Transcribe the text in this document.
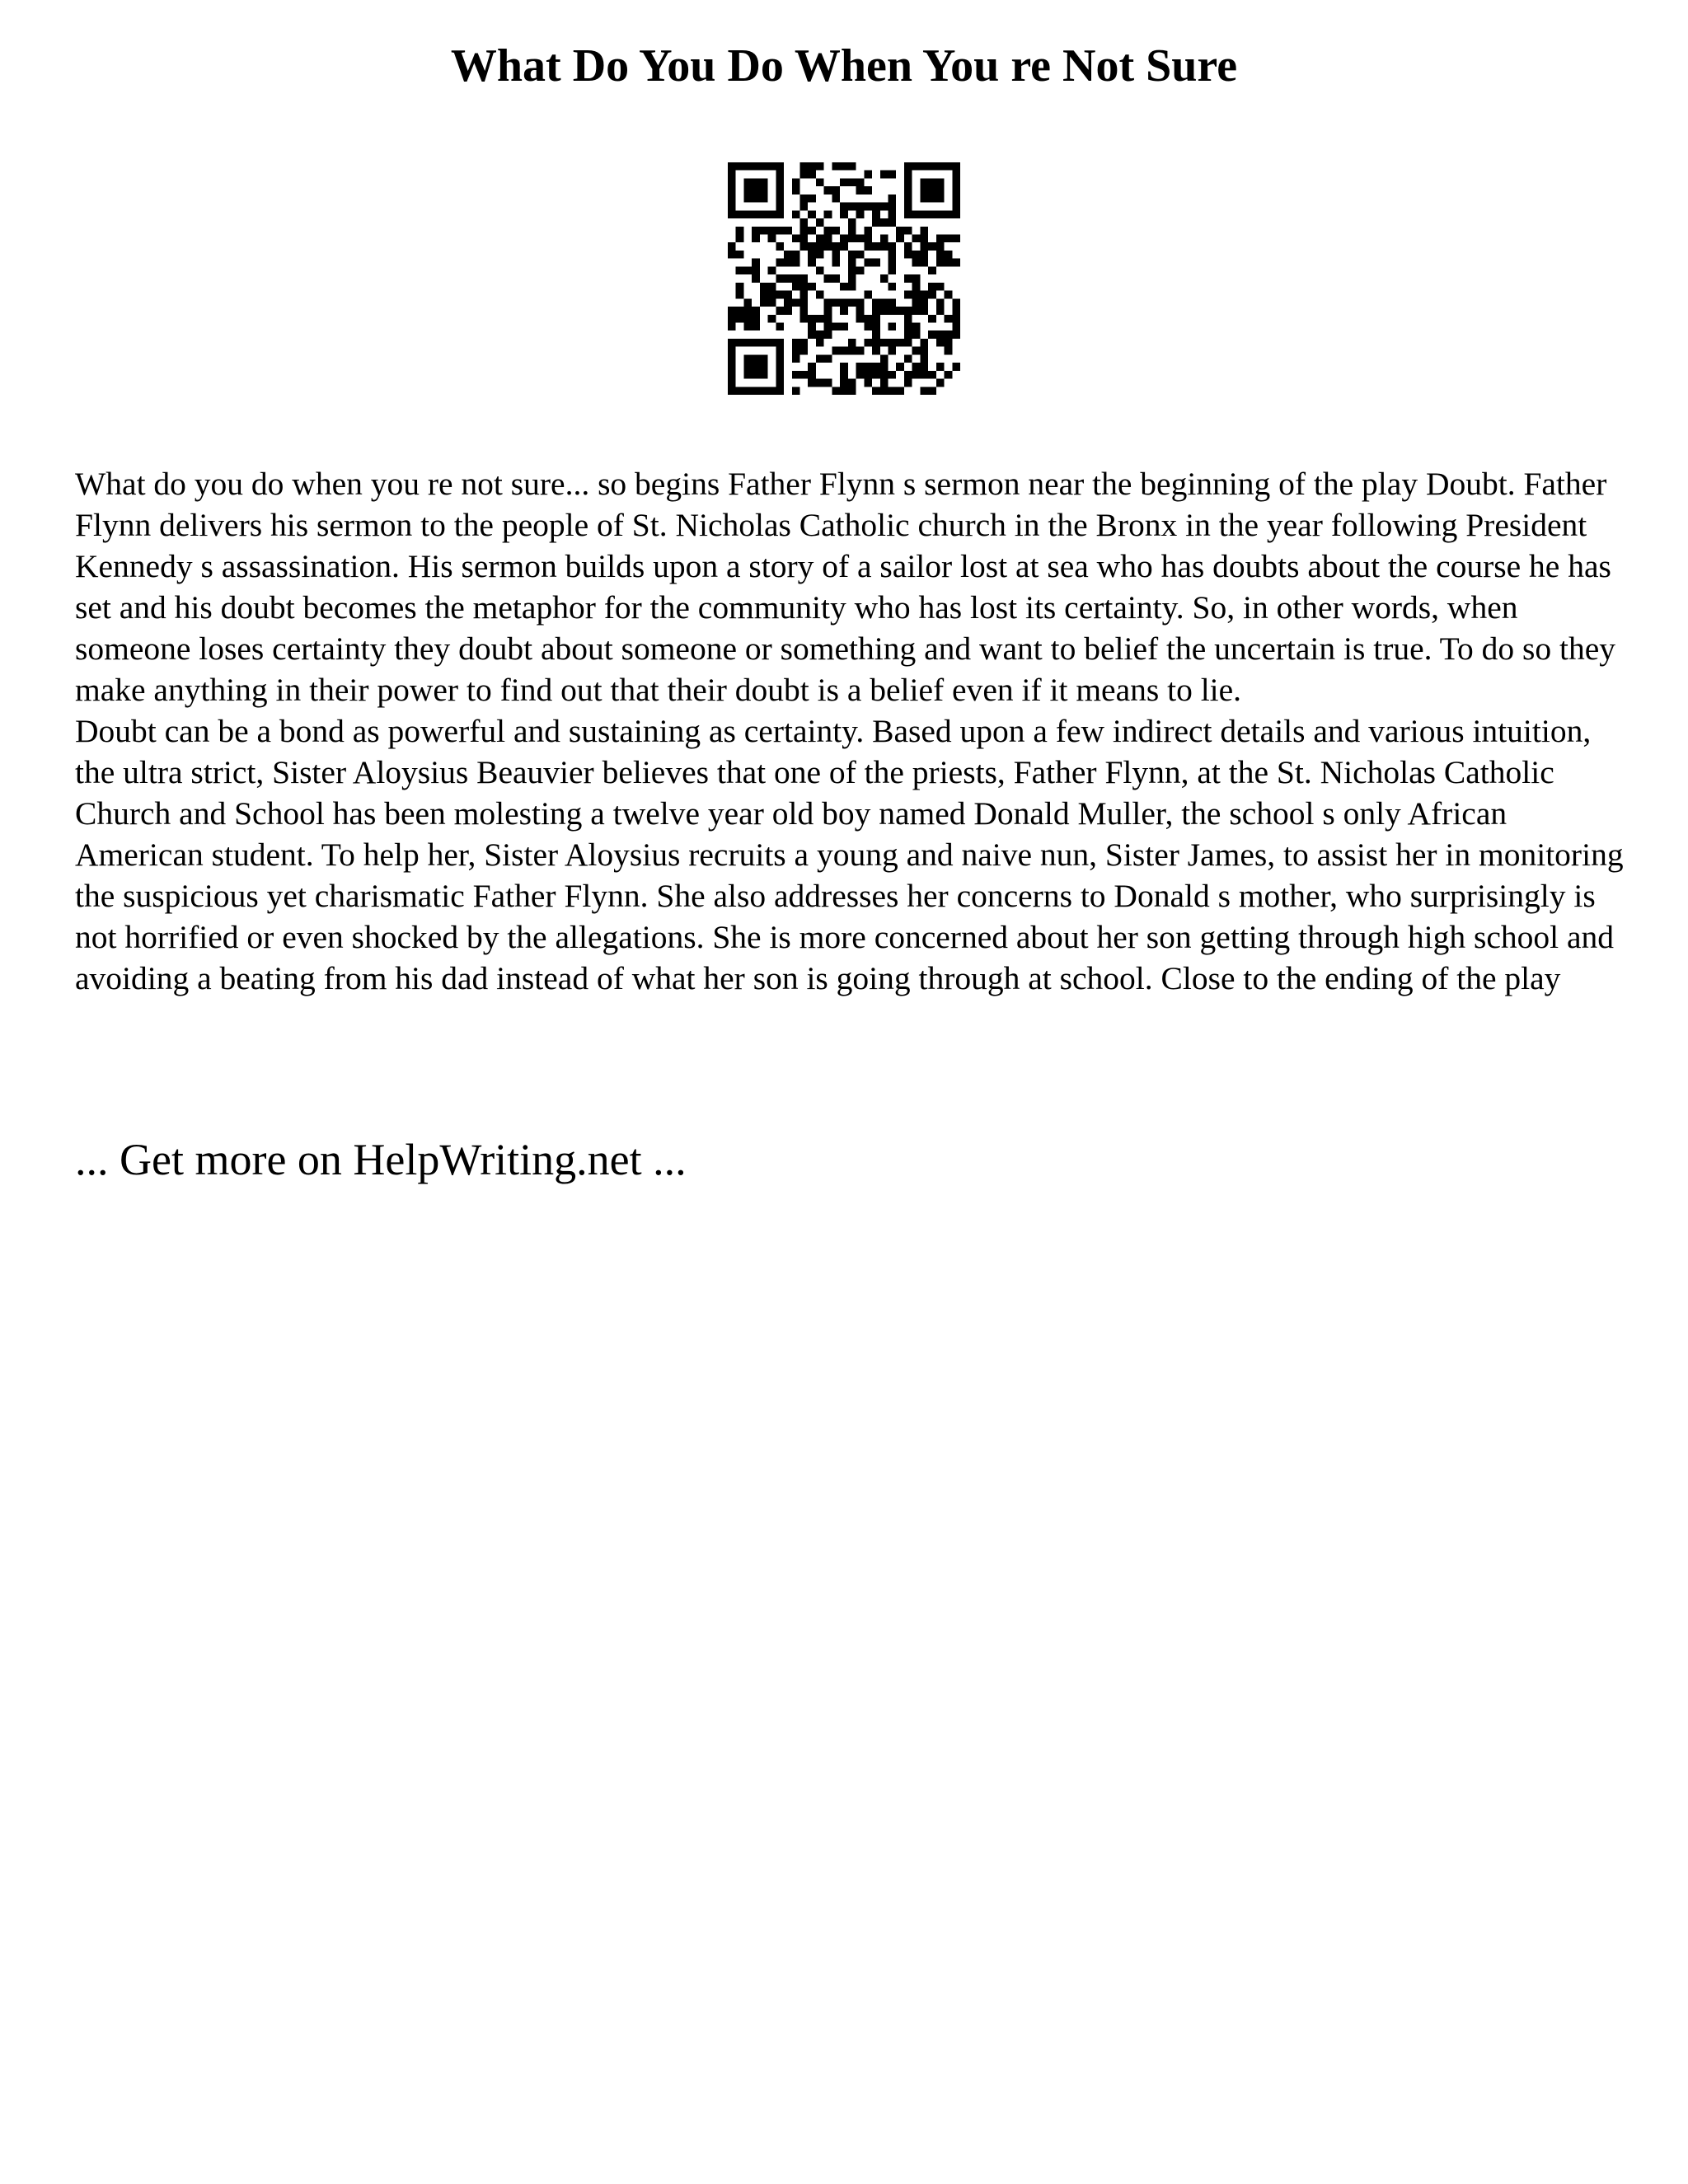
What Do You Do When You re Not Sure

What do you do when you re not sure... so begins Father Flynn s sermon near the beginning of the play Doubt. Father Flynn delivers his sermon to the people of St. Nicholas Catholic church in the Bronx in the year following President Kennedy s assassination. His sermon builds upon a story of a sailor lost at sea who has doubts about the course he has set and his doubt becomes the metaphor for the community who has lost its certainty. So, in other words, when someone loses certainty they doubt about someone or something and want to belief the uncertain is true. To do so they make anything in their power to find out that their doubt is a belief even if it means to lie.

Doubt can be a bond as powerful and sustaining as certainty. Based upon a few indirect details and various intuition, the ultra strict, Sister Aloysius Beauvier believes that one of the priests, Father Flynn, at the St. Nicholas Catholic Church and School has been molesting a twelve year old boy named Donald Muller, the school s only African American student. To help her, Sister Aloysius recruits a young and naive nun, Sister James, to assist her in monitoring the suspicious yet charismatic Father Flynn. She also addresses her concerns to Donald s mother, who surprisingly is not horrified or even shocked by the allegations. She is more concerned about her son getting through high school and avoiding a beating from his dad instead of what her son is going through at school. Close to the ending of the play

... Get more on HelpWriting.net ...
